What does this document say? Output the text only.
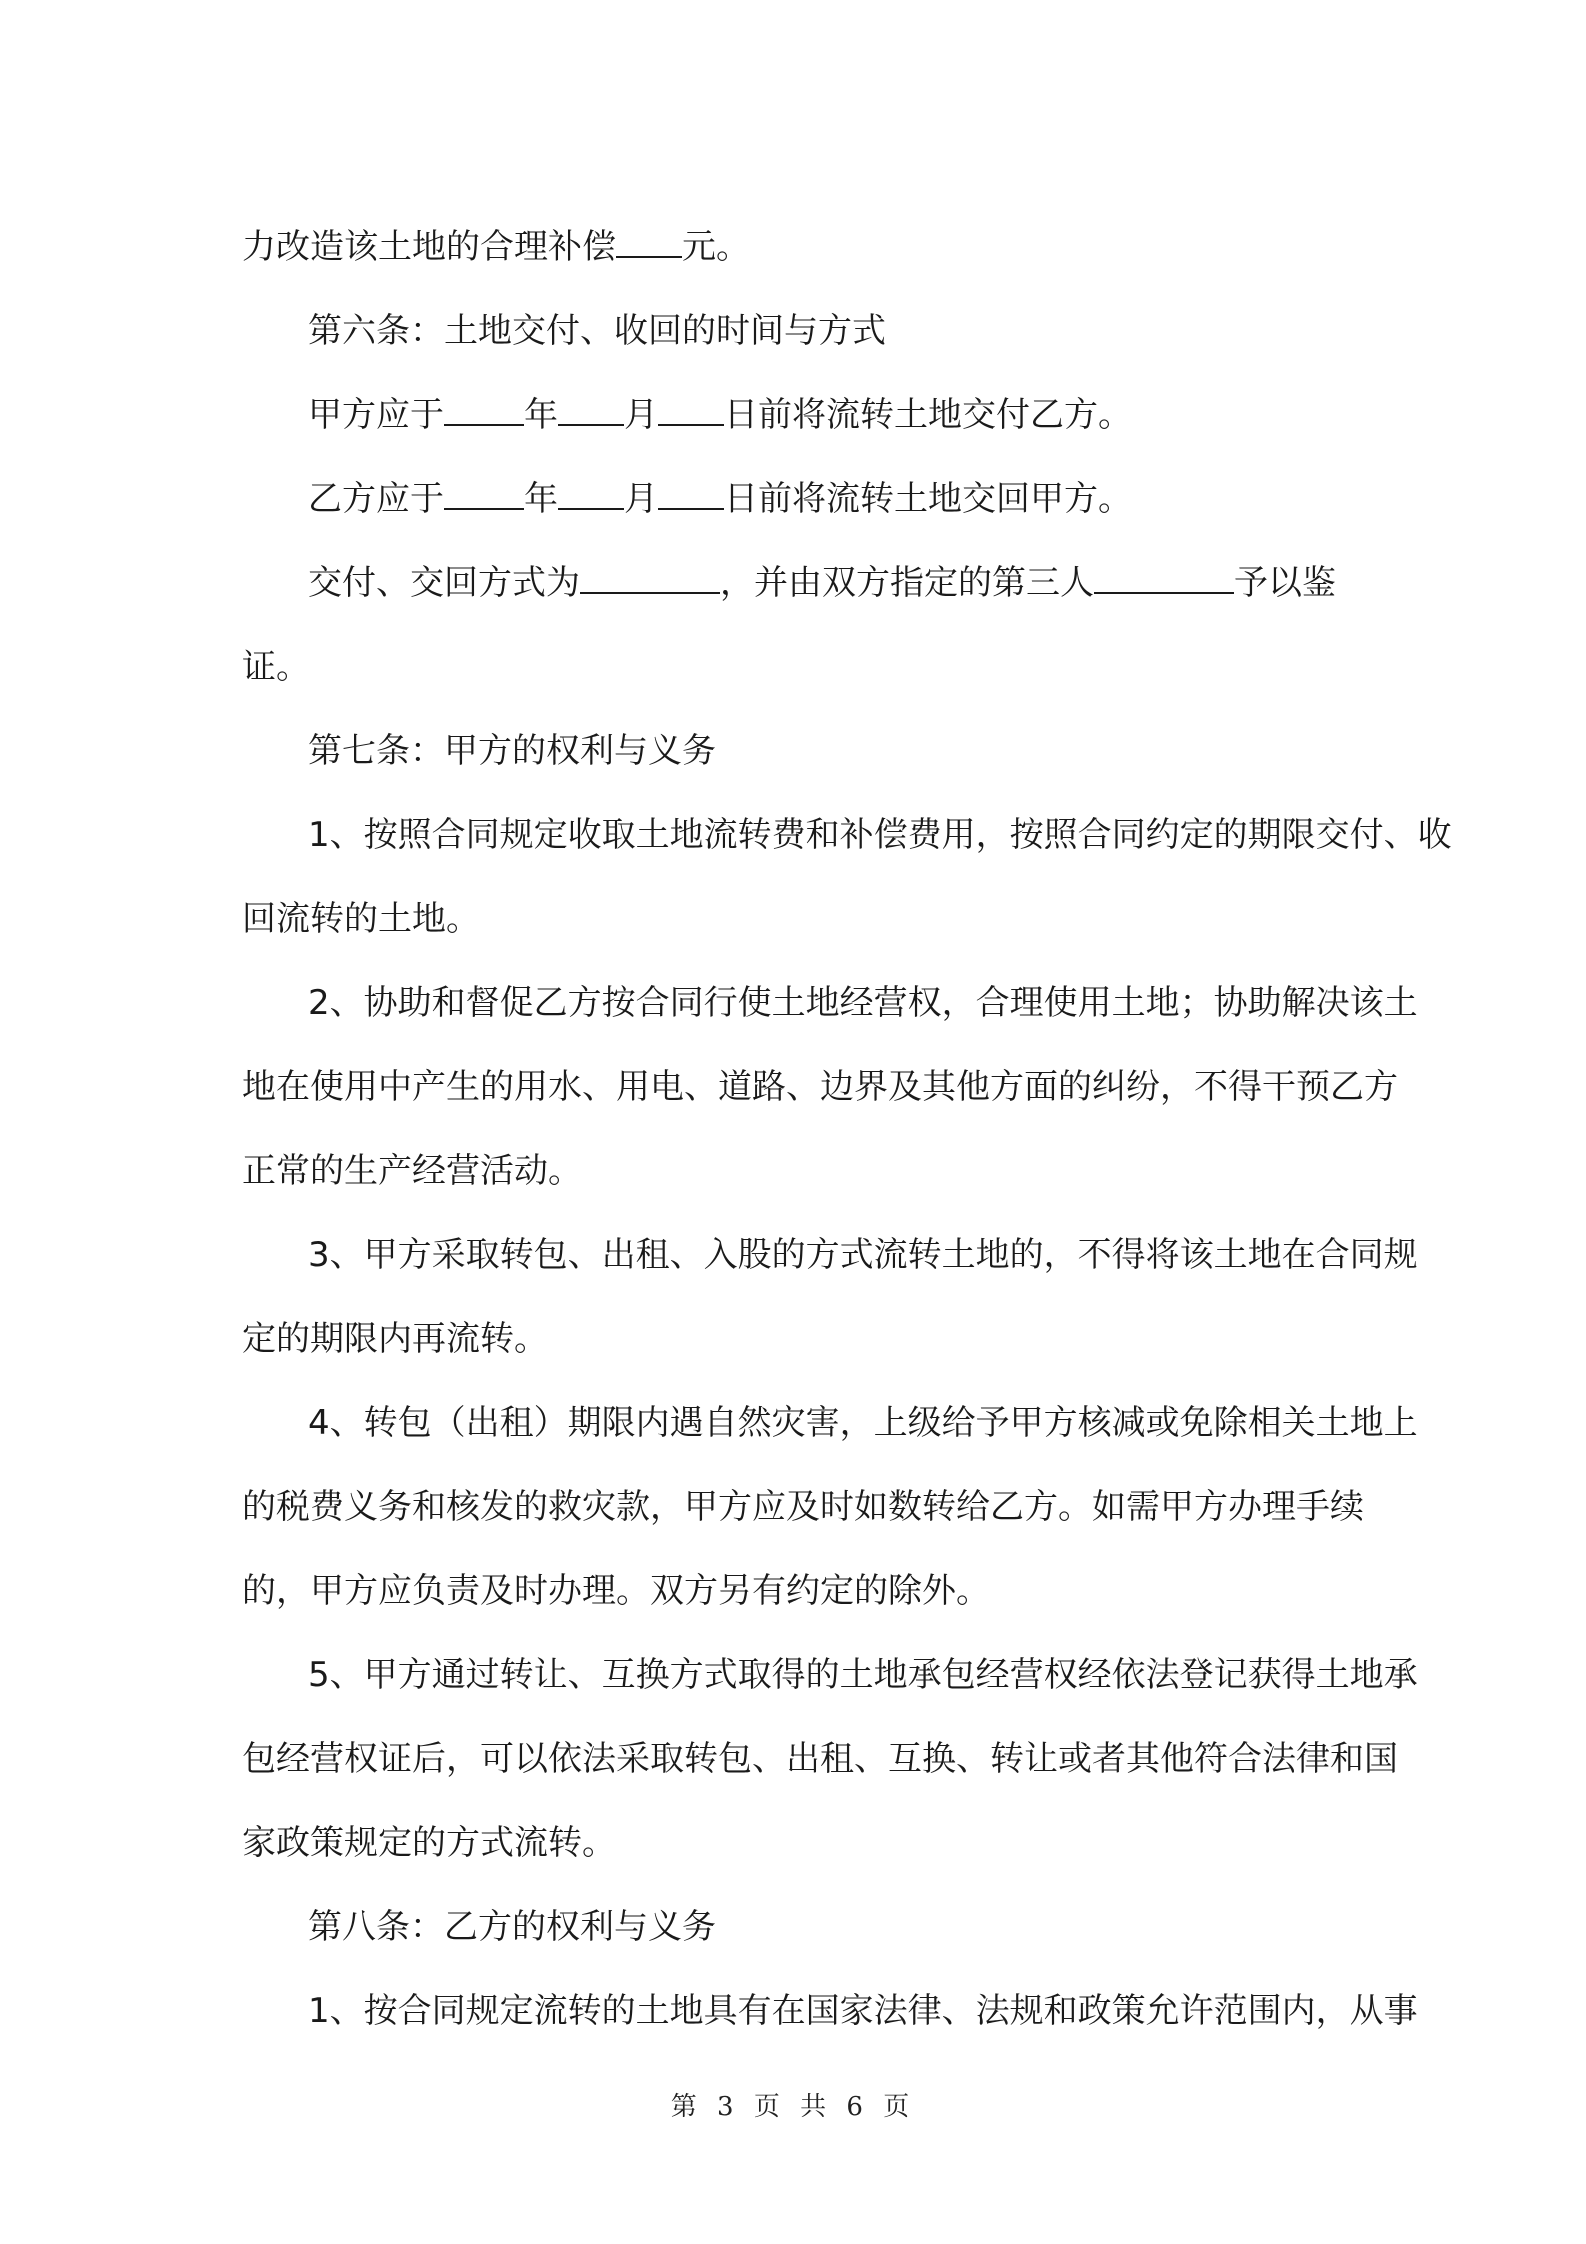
力改造该土地的合理补偿 元。
第六条：土地交付、收回的时间与方式
甲方应于 年 月 日前将流转土地交付乙方。
乙方应于 年 月 日前将流转土地交回甲方。
交付、交回方式为	，并由双方指定的第三人	予以鉴
证。
第七条：甲方的权利与义务
1、按照合同规定收取土地流转费和补偿费用，按照合同约定的期限交付、收
回流转的土地。
2、协助和督促乙方按合同行使土地经营权，合理使用土地；协助解决该土
地在使用中产生的用水、用电、道路、边界及其他方面的纠纷，不得干预乙方
正常的生产经营活动。
3、甲方采取转包、出租、入股的方式流转土地的，不得将该土地在合同规
定的期限内再流转。
4、转包（出租）期限内遇自然灾害，上级给予甲方核减或免除相关土地上
的税费义务和核发的救灾款，甲方应及时如数转给乙方。如需甲方办理手续
的，甲方应负责及时办理。双方另有约定的除外。
5、甲方通过转让、互换方式取得的土地承包经营权经依法登记获得土地承
包经营权证后，可以依法采取转包、出租、互换、转让或者其他符合法律和国
家政策规定的方式流转。
第八条：乙方的权利与义务
1、按合同规定流转的土地具有在国家法律、法规和政策允许范围内，从事
第 3 页 共 6 页
